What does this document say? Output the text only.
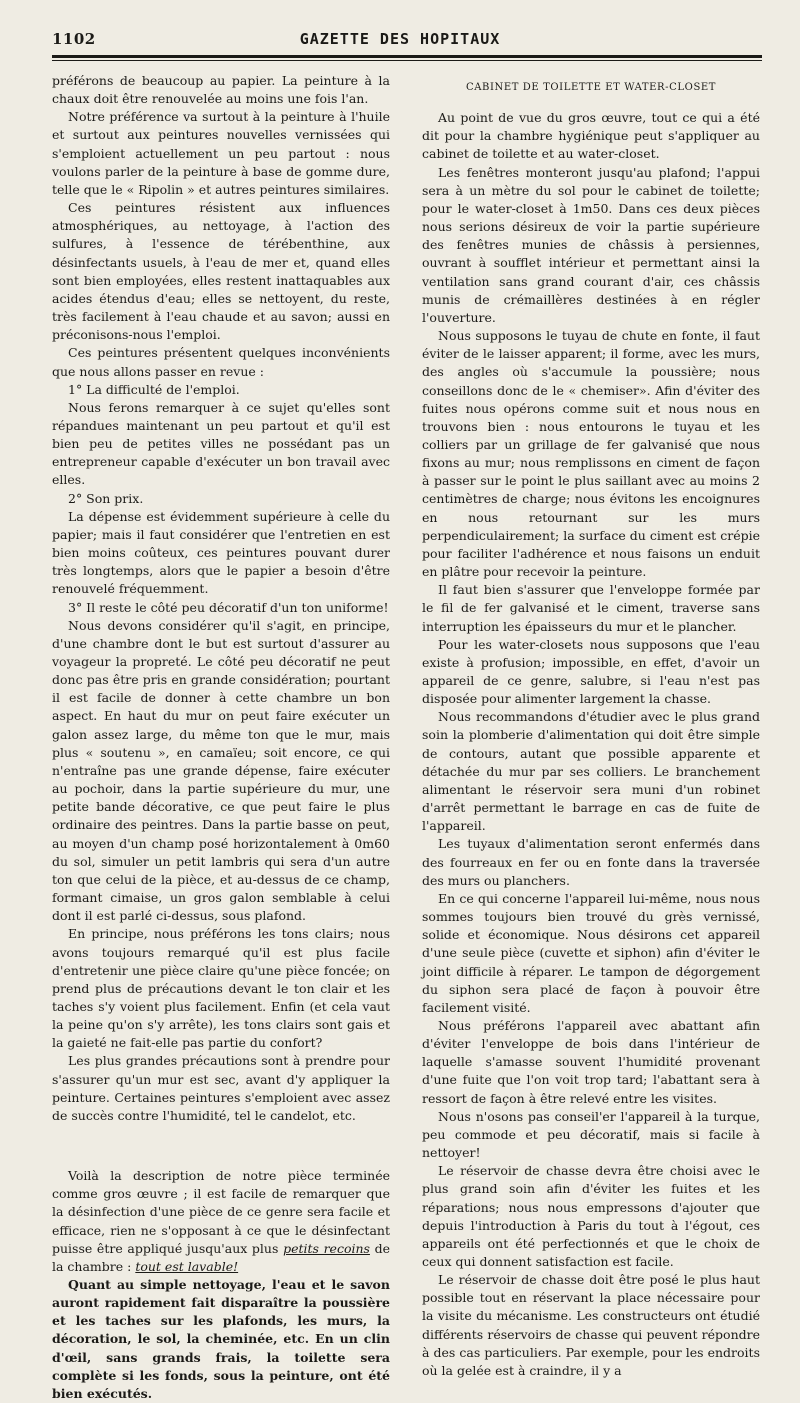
1102	GAZETTE DES HOPITAUX

préférons de beaucoup au papier. La peinture à la chaux doit être renouvelée au moins une fois l'an.

Notre préférence va surtout à la peinture à l'huile et surtout aux peintures nouvelles vernissées qui s'emploient actuellement un peu partout : nous voulons parler de la peinture à base de gomme dure, telle que le « Ripolin » et autres peintures similaires.

Ces peintures résistent aux influences atmosphériques, au nettoyage, à l'action des sulfures, à l'essence de térébenthine, aux désinfectants usuels, à l'eau de mer et, quand elles sont bien employées, elles restent inattaquables aux acides étendus d'eau; elles se nettoyent, du reste, très facilement à l'eau chaude et au savon; aussi en préconisons-nous l'emploi.

Ces peintures présentent quelques inconvénients que nous allons passer en revue :

1° La difficulté de l'emploi.

Nous ferons remarquer à ce sujet qu'elles sont répandues maintenant un peu partout et qu'il est bien peu de petites villes ne possédant pas un entrepreneur capable d'exécuter un bon travail avec elles.

2° Son prix.

La dépense est évidemment supérieure à celle du papier; mais il faut considérer que l'entretien en est bien moins coûteux, ces peintures pouvant durer très longtemps, alors que le papier a besoin d'être renouvelé fréquemment.

3° Il reste le côté peu décoratif d'un ton uniforme!

Nous devons considérer qu'il s'agit, en principe, d'une chambre dont le but est surtout d'assurer au voyageur la propreté. Le côté peu décoratif ne peut donc pas être pris en grande considération; pourtant il est facile de donner à cette chambre un bon aspect. En haut du mur on peut faire exécuter un galon assez large, du même ton que le mur, mais plus « soutenu », en camaïeu; soit encore, ce qui n'entraîne pas une grande dépense, faire exécuter au pochoir, dans la partie supérieure du mur, une petite bande décorative, ce que peut faire le plus ordinaire des peintres. Dans la partie basse on peut, au moyen d'un champ posé horizontalement à 0m60 du sol, simuler un petit lambris qui sera d'un autre ton que celui de la pièce, et au-dessus de ce champ, formant cimaise, un gros galon semblable à celui dont il est parlé ci-dessus, sous plafond.

En principe, nous préférons les tons clairs; nous avons toujours remarqué qu'il est plus facile d'entretenir une pièce claire qu'une pièce foncée; on prend plus de précautions devant le ton clair et les taches s'y voient plus facilement. Enfin (et cela vaut la peine qu'on s'y arrête), les tons clairs sont gais et la gaieté ne fait-elle pas partie du confort?

Les plus grandes précautions sont à prendre pour s'assurer qu'un mur est sec, avant d'y appliquer la peinture. Certaines peintures s'emploient avec assez de succès contre l'humidité, tel le candelot, etc.

Voilà la description de notre pièce terminée comme gros œuvre ; il est facile de remarquer que la désinfection d'une pièce de ce genre sera facile et efficace, rien ne s'opposant à ce que le désinfectant puisse être appliqué jusqu'aux plus petits recoins de la chambre : tout est lavable!

Quant au simple nettoyage, l'eau et le savon auront rapidement fait disparaître la poussière et les taches sur les plafonds, les murs, la décoration, le sol, la cheminée, etc. En un clin d'œil, sans grands frais, la toilette sera complète si les fonds, sous la peinture, ont été bien exécutés.

CABINET DE TOILETTE ET WATER-CLOSET

Au point de vue du gros œuvre, tout ce qui a été dit pour la chambre hygiénique peut s'appliquer au cabinet de toilette et au water-closet.

Les fenêtres monteront jusqu'au plafond; l'appui sera à un mètre du sol pour le cabinet de toilette; pour le water-closet à 1m50. Dans ces deux pièces nous serions désireux de voir la partie supérieure des fenêtres munies de châssis à persiennes, ouvrant à soufflet intérieur et permettant ainsi la ventilation sans grand courant d'air, ces châssis munis de crémaillères destinées à en régler l'ouverture.

Nous supposons le tuyau de chute en fonte, il faut éviter de le laisser apparent; il forme, avec les murs, des angles où s'accumule la poussière; nous conseillons donc de le « chemiser». Afin d'éviter des fuites nous opérons comme suit et nous nous en trouvons bien : nous entourons le tuyau et les colliers par un grillage de fer galvanisé que nous fixons au mur; nous remplissons en ciment de façon à passer sur le point le plus saillant avec au moins 2 centimètres de charge; nous évitons les encoignures en nous retournant sur les murs perpendiculairement; la surface du ciment est crépie pour faciliter l'adhérence et nous faisons un enduit en plâtre pour recevoir la peinture.

Il faut bien s'assurer que l'enveloppe formée par le fil de fer galvanisé et le ciment, traverse sans interruption les épaisseurs du mur et le plancher.

Pour les water-closets nous supposons que l'eau existe à profusion; impossible, en effet, d'avoir un appareil de ce genre, salubre, si l'eau n'est pas disposée pour alimenter largement la chasse.

Nous recommandons d'étudier avec le plus grand soin la plomberie d'alimentation qui doit être simple de contours, autant que possible apparente et détachée du mur par ses colliers. Le branchement alimentant le réservoir sera muni d'un robinet d'arrêt permettant le barrage en cas de fuite de l'appareil.

Les tuyaux d'alimentation seront enfermés dans des fourreaux en fer ou en fonte dans la traversée des murs ou planchers.

En ce qui concerne l'appareil lui-même, nous nous sommes toujours bien trouvé du grès vernissé, solide et économique. Nous désirons cet appareil d'une seule pièce (cuvette et siphon) afin d'éviter le joint difficile à réparer. Le tampon de dégorgement du siphon sera placé de façon à pouvoir être facilement visité.

Nous préférons l'appareil avec abattant afin d'éviter l'enveloppe de bois dans l'intérieur de laquelle s'amasse souvent l'humidité provenant d'une fuite que l'on voit trop tard; l'abattant sera à ressort de façon à être relevé entre les visites.

Nous n'osons pas conseil'er l'appareil à la turque, peu commode et peu décoratif, mais si facile à nettoyer!

Le réservoir de chasse devra être choisi avec le plus grand soin afin d'éviter les fuites et les réparations; nous nous empressons d'ajouter que depuis l'introduction à Paris du tout à l'égout, ces appareils ont été perfectionnés et que le choix de ceux qui donnent satisfaction est facile.

Le réservoir de chasse doit être posé le plus haut possible tout en réservant la place nécessaire pour la visite du mécanisme. Les constructeurs ont étudié différents réservoirs de chasse qui peuvent répondre à des cas particuliers. Par exemple, pour les endroits où la gelée est à craindre, il y a
